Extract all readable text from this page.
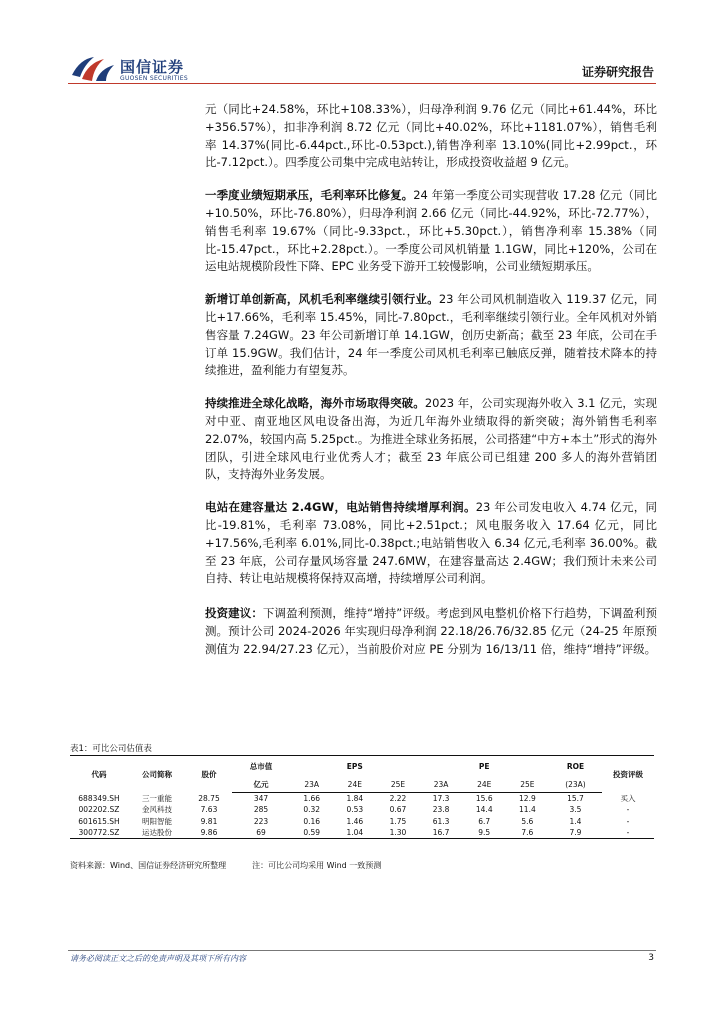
国信证券
GUOSEN SECURITIES	证券研究报告

元（同比+24.58%，环比+108.33%），归母净利润 9.76 亿元（同比+61.44%，环比+356.57%），扣非净利润 8.72 亿元（同比+40.02%，环比+1181.07%），销售毛利率 14.37%(同比-6.44pct.,环比-0.53pct.),销售净利率 13.10%(同比+2.99pct.，环比-7.12pct.）。四季度公司集中完成电站转让，形成投资收益超 9 亿元。

一季度业绩短期承压，毛利率环比修复。24 年第一季度公司实现营收 17.28 亿元（同比+10.50%，环比-76.80%），归母净利润 2.66 亿元（同比-44.92%，环比-72.77%），销售毛利率 19.67%（同比-9.33pct.，环比+5.30pct.），销售净利率 15.38%（同比-15.47pct.，环比+2.28pct.）。一季度公司风机销量 1.1GW，同比+120%，公司在运电站规模阶段性下降、EPC 业务受下游开工较慢影响，公司业绩短期承压。

新增订单创新高，风机毛利率继续引领行业。23 年公司风机制造收入 119.37 亿元，同比+17.66%，毛利率 15.45%，同比-7.80pct.，毛利率继续引领行业。全年风机对外销售容量 7.24GW。23 年公司新增订单 14.1GW，创历史新高；截至 23 年底，公司在手订单 15.9GW。我们估计，24 年一季度公司风机毛利率已触底反弹，随着技术降本的持续推进，盈利能力有望复苏。

持续推进全球化战略，海外市场取得突破。2023 年，公司实现海外收入 3.1 亿元，实现对中亚、南亚地区风电设备出海，为近几年海外业绩取得的新突破；海外销售毛利率 22.07%，较国内高 5.25pct.。为推进全球业务拓展，公司搭建“中方+本土”形式的海外团队，引进全球风电行业优秀人才；截至 23 年底公司已组建 200 多人的海外营销团队，支持海外业务发展。

电站在建容量达 2.4GW，电站销售持续增厚利润。23 年公司发电收入 4.74 亿元，同比-19.81%，毛利率 73.08%，同比+2.51pct.；风电服务收入 17.64 亿元，同比+17.56%,毛利率 6.01%,同比-0.38pct.;电站销售收入 6.34 亿元,毛利率 36.00%。截至 23 年底，公司存量风场容量 247.6MW，在建容量高达 2.4GW；我们预计未来公司自持、转让电站规模将保持双高增，持续增厚公司利润。

投资建议：下调盈利预测，维持“增持”评级。考虑到风电整机价格下行趋势，下调盈利预测。预计公司 2024-2026 年实现归母净利润 22.18/26.76/32.85 亿元（24-25 年原预测值为 22.94/27.23 亿元），当前股价对应 PE 分别为 16/13/11 倍，维持“增持”评级。

表1：可比公司估值表
代码	公司简称	股价	总市值	EPS			PE			ROE	投资评级
			亿元	23A	24E	25E	23A	24E	25E	(23A)	
688349.SH	三一重能	28.75	347	1.66	1.84	2.22	17.3	15.6	12.9	15.7	买入
002202.SZ	金风科技	7.63	285	0.32	0.53	0.67	23.8	14.4	11.4	3.5	-
601615.SH	明阳智能	9.81	223	0.16	1.46	1.75	61.3	6.7	5.6	1.4	-
300772.SZ	运达股份	9.86	69	0.59	1.04	1.30	16.7	9.5	7.6	7.9	-
资料来源：Wind、国信证券经济研究所整理	注：可比公司均采用 Wind 一致预测
请务必阅读正文之后的免责声明及其项下所有内容	3
